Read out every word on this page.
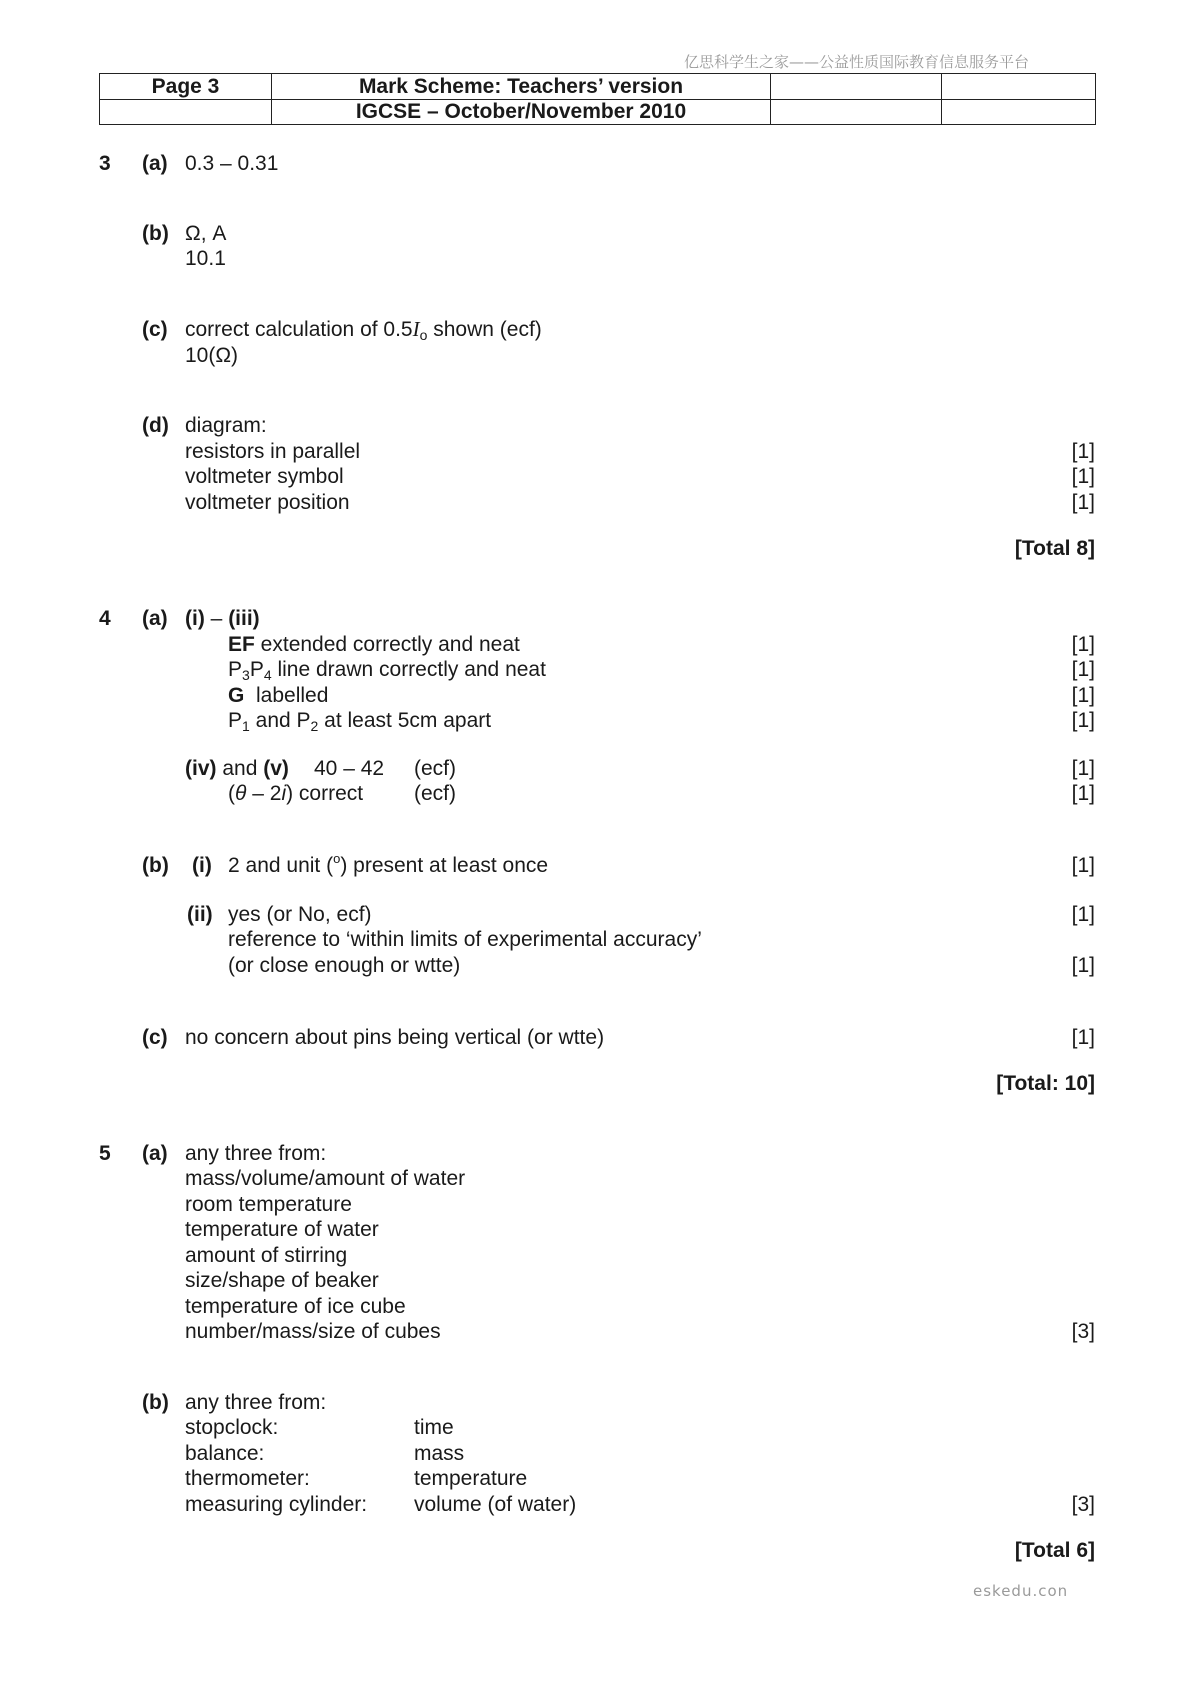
亿思科学生之家——公益性质国际教育信息服务平台
eskedu.con
Page 3	Mark Scheme: Teachers’ version		
	IGCSE – October/November 2010		
3 (a) 0.3 – 0.31
(b) Ω, A
10.1
(c) correct calculation of $0.5I_o$ shown (ecf)
10(Ω)
(d) diagram:
resistors in parallel	[1]
voltmeter symbol	[1]
voltmeter position	[1]
[Total 8]
4 (a) (i) – (iii)
EF extended correctly and neat	[1]
$P_3P_4$ line drawn correctly and neat	[1]
G  labelled	[1]
$P_1$ and $P_2$ at least 5cm apart	[1]
(iv) and (v) 40 – 42 (ecf)	[1]
(θ – 2i) correct (ecf)	[1]
(b) (i) 2 and unit ($^o$) present at least once	[1]
(ii) yes (or No, ecf)	[1]
reference to ‘within limits of experimental accuracy’
(or close enough or wtte)	[1]
(c) no concern about pins being vertical (or wtte)	[1]
[Total: 10]
5 (a) any three from:
mass/volume/amount of water
room temperature
temperature of water
amount of stirring
size/shape of beaker
temperature of ice cube
number/mass/size of cubes	[3]
(b) any three from:
stopclock:	time
balance:	mass
thermometer:	temperature
measuring cylinder: volume (of water)	[3]
[Total 6]
